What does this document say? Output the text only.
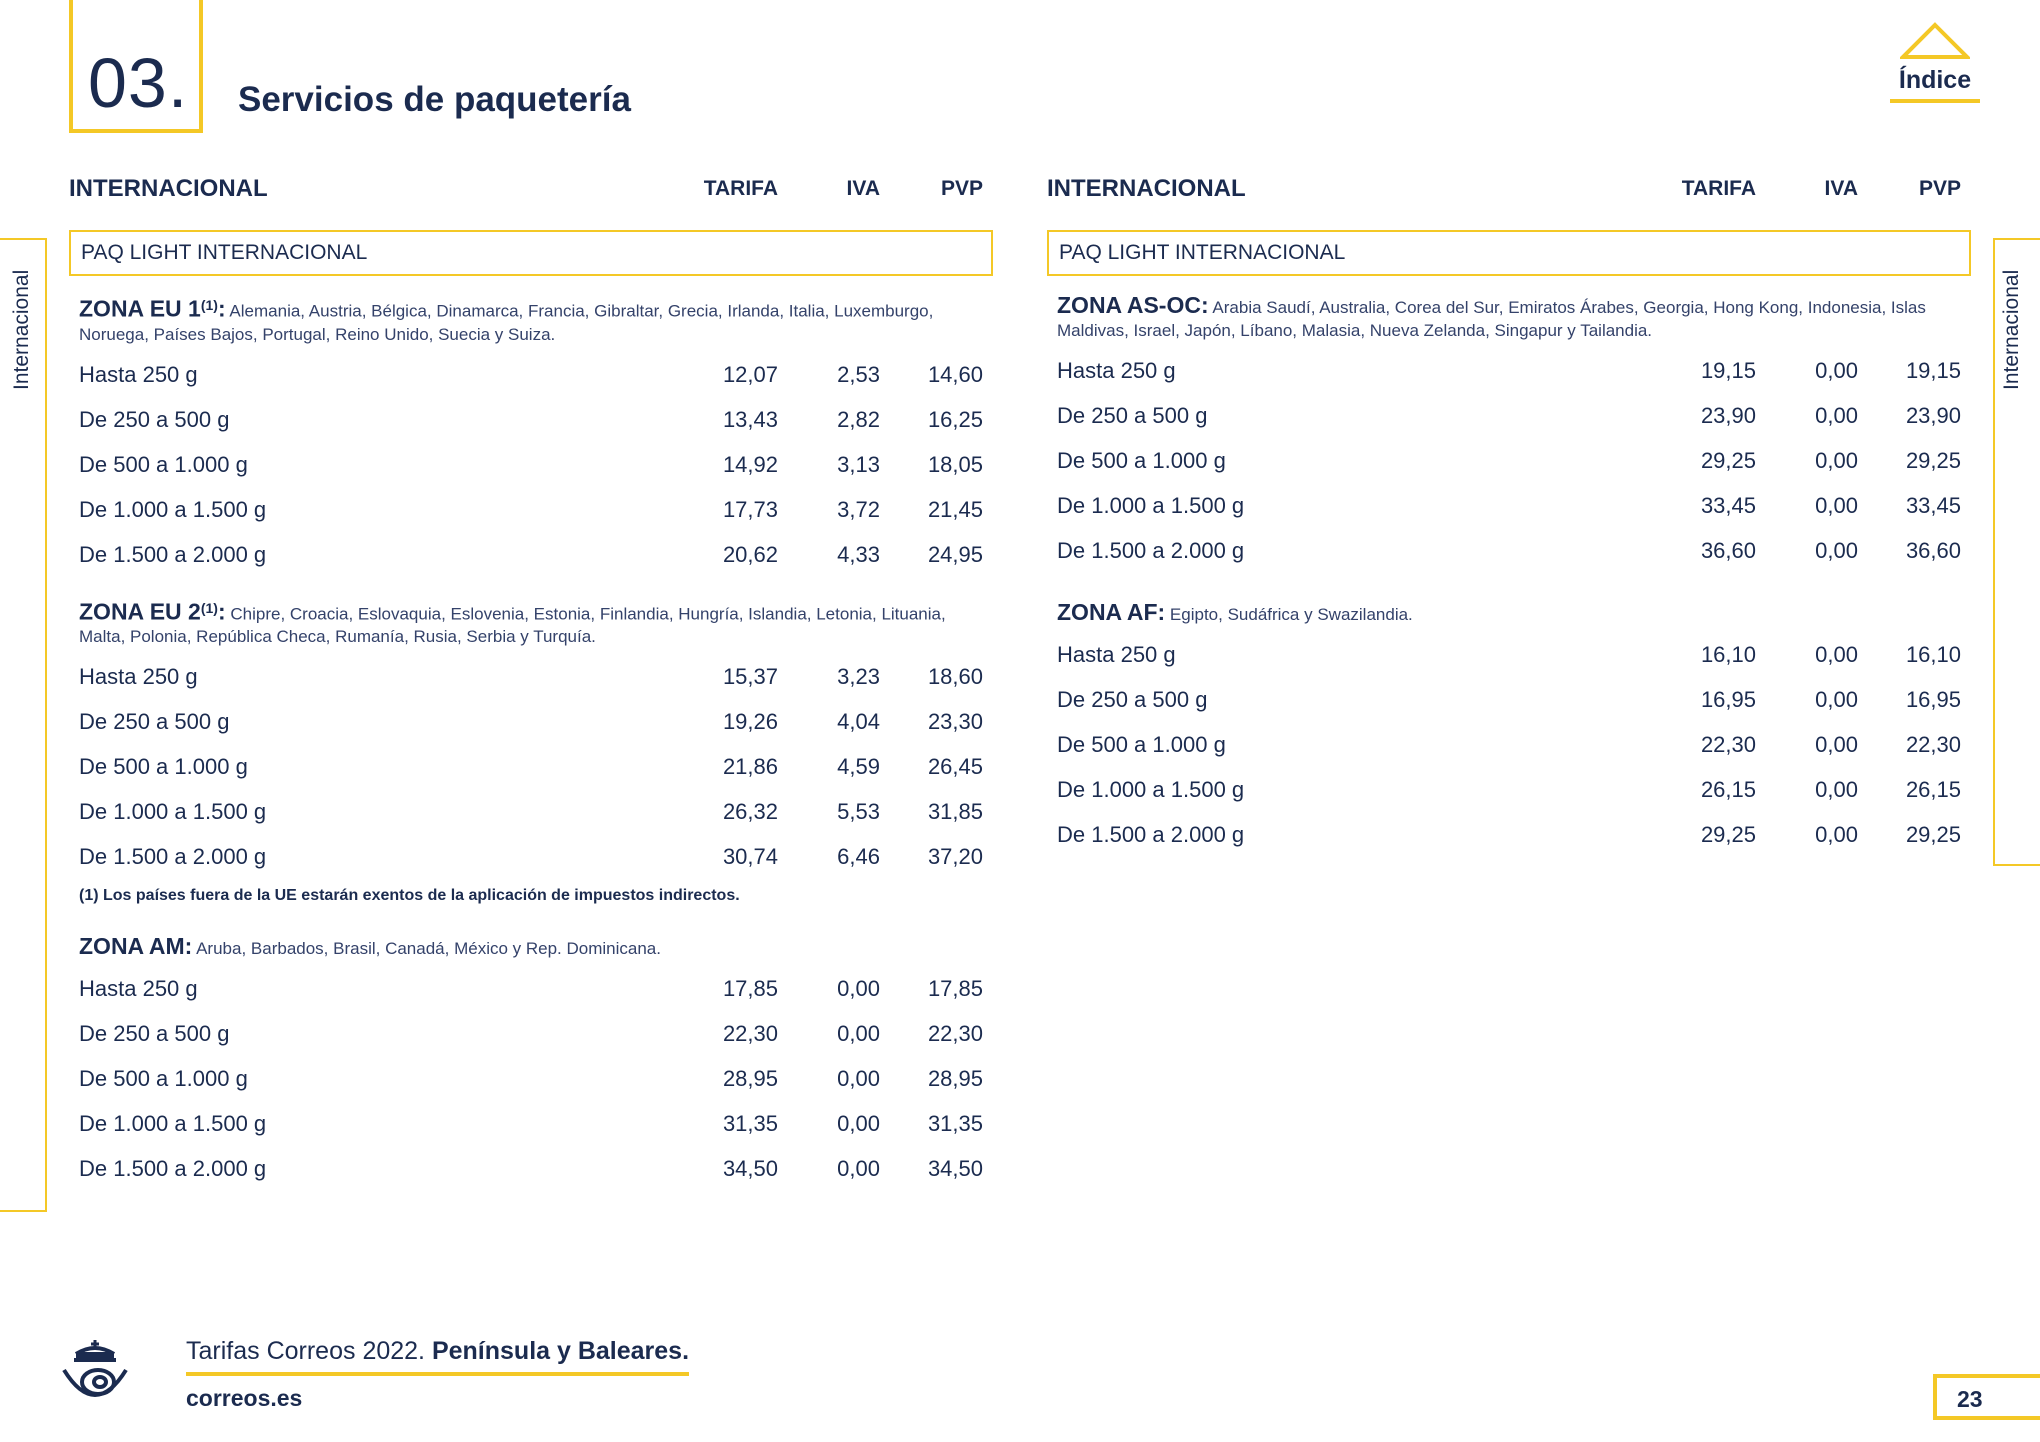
03. Servicios de paquetería	Índice
Internacional	Internacional
INTERNACIONAL	TARIFA	IVA	PVP
PAQ LIGHT INTERNACIONAL
ZONA EU 1$^{(1)}$: Alemania, Austria, Bélgica, Dinamarca, Francia, Gibraltar, Grecia, Irlanda, Italia, Luxemburgo, Noruega, Países Bajos, Portugal, Reino Unido, Suecia y Suiza.
Hasta 250 g	12,07	2,53	14,60
De 250 a 500 g	13,43	2,82	16,25
De 500 a 1.000 g	14,92	3,13	18,05
De 1.000 a 1.500 g	17,73	3,72	21,45
De 1.500 a 2.000 g	20,62	4,33	24,95
ZONA EU 2$^{(1)}$: Chipre, Croacia, Eslovaquia, Eslovenia, Estonia, Finlandia, Hungría, Islandia, Letonia, Lituania, Malta, Polonia, República Checa, Rumanía, Rusia, Serbia y Turquía.
Hasta 250 g	15,37	3,23	18,60
De 250 a 500 g	19,26	4,04	23,30
De 500 a 1.000 g	21,86	4,59	26,45
De 1.000 a 1.500 g	26,32	5,53	31,85
De 1.500 a 2.000 g	30,74	6,46	37,20
(1) Los países fuera de la UE estarán exentos de la aplicación de impuestos indirectos.
ZONA AM: Aruba, Barbados, Brasil, Canadá, México y Rep. Dominicana.
Hasta 250 g	17,85	0,00	17,85
De 250 a 500 g	22,30	0,00	22,30
De 500 a 1.000 g	28,95	0,00	28,95
De 1.000 a 1.500 g	31,35	0,00	31,35
De 1.500 a 2.000 g	34,50	0,00	34,50
INTERNACIONAL	TARIFA	IVA	PVP
PAQ LIGHT INTERNACIONAL
ZONA AS-OC: Arabia Saudí, Australia, Corea del Sur, Emiratos Árabes, Georgia, Hong Kong, Indonesia, Islas Maldivas, Israel, Japón, Líbano, Malasia, Nueva Zelanda, Singapur y Tailandia.
Hasta 250 g	19,15	0,00	19,15
De 250 a 500 g	23,90	0,00	23,90
De 500 a 1.000 g	29,25	0,00	29,25
De 1.000 a 1.500 g	33,45	0,00	33,45
De 1.500 a 2.000 g	36,60	0,00	36,60
ZONA AF: Egipto, Sudáfrica y Swazilandia.
Hasta 250 g	16,10	0,00	16,10
De 250 a 500 g	16,95	0,00	16,95
De 500 a 1.000 g	22,30	0,00	22,30
De 1.000 a 1.500 g	26,15	0,00	26,15
De 1.500 a 2.000 g	29,25	0,00	29,25
Tarifas Correos 2022. Península y Baleares.
correos.es	23
